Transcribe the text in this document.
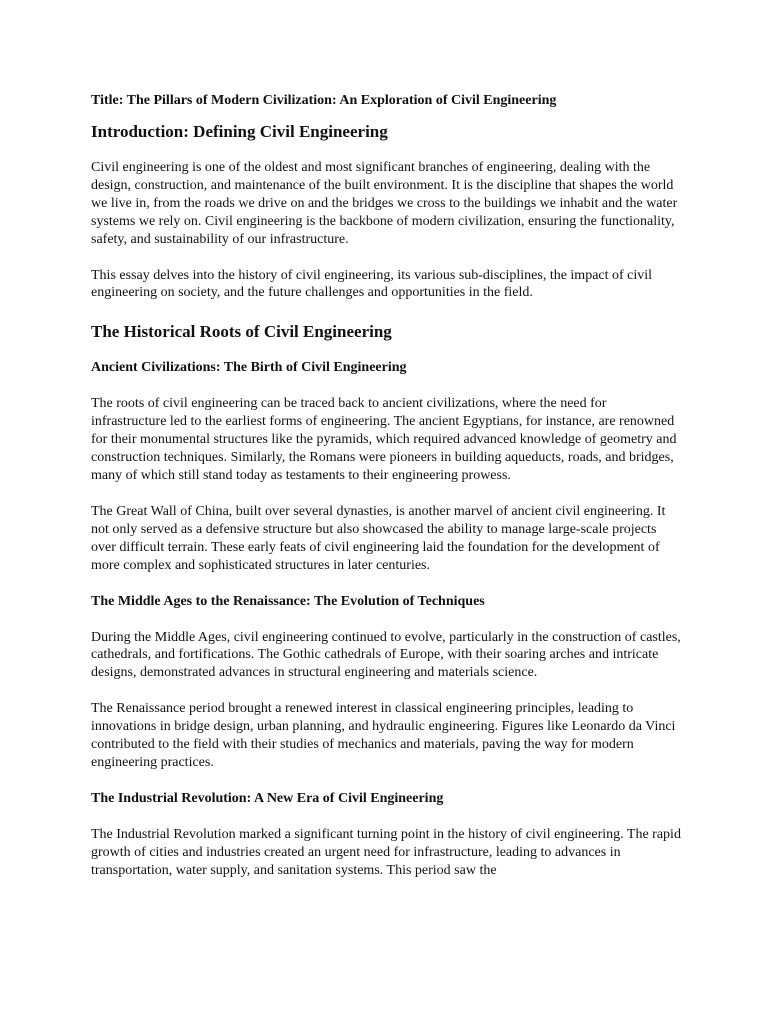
Title: The Pillars of Modern Civilization: An Exploration of Civil Engineering
Introduction: Defining Civil Engineering

Civil engineering is one of the oldest and most significant branches of engineering, dealing with the design, construction, and maintenance of the built environment. It is the discipline that shapes the world we live in, from the roads we drive on and the bridges we cross to the buildings we inhabit and the water systems we rely on. Civil engineering is the backbone of modern civilization, ensuring the functionality, safety, and sustainability of our infrastructure.

This essay delves into the history of civil engineering, its various sub-disciplines, the impact of civil engineering on society, and the future challenges and opportunities in the field.

The Historical Roots of Civil Engineering
Ancient Civilizations: The Birth of Civil Engineering

The roots of civil engineering can be traced back to ancient civilizations, where the need for infrastructure led to the earliest forms of engineering. The ancient Egyptians, for instance, are renowned for their monumental structures like the pyramids, which required advanced knowledge of geometry and construction techniques. Similarly, the Romans were pioneers in building aqueducts, roads, and bridges, many of which still stand today as testaments to their engineering prowess.

The Great Wall of China, built over several dynasties, is another marvel of ancient civil engineering. It not only served as a defensive structure but also showcased the ability to manage large-scale projects over difficult terrain. These early feats of civil engineering laid the foundation for the development of more complex and sophisticated structures in later centuries.

The Middle Ages to the Renaissance: The Evolution of Techniques

During the Middle Ages, civil engineering continued to evolve, particularly in the construction of castles, cathedrals, and fortifications. The Gothic cathedrals of Europe, with their soaring arches and intricate designs, demonstrated advances in structural engineering and materials science.

The Renaissance period brought a renewed interest in classical engineering principles, leading to innovations in bridge design, urban planning, and hydraulic engineering. Figures like Leonardo da Vinci contributed to the field with their studies of mechanics and materials, paving the way for modern engineering practices.

The Industrial Revolution: A New Era of Civil Engineering

The Industrial Revolution marked a significant turning point in the history of civil engineering. The rapid growth of cities and industries created an urgent need for infrastructure, leading to advances in transportation, water supply, and sanitation systems. This period saw the
